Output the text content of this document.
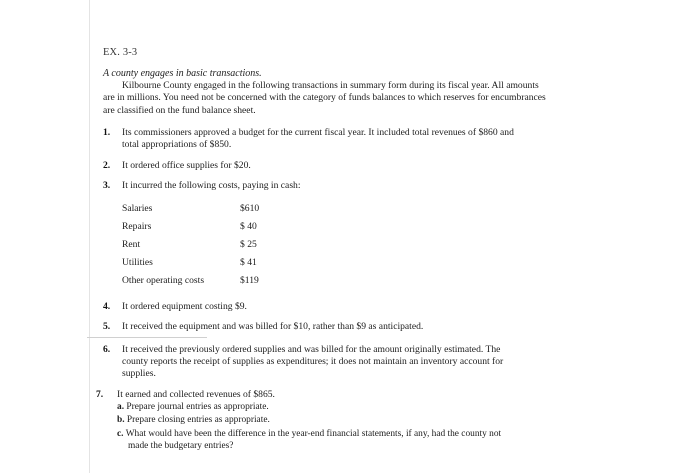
EX. 3-3
A county engages in basic transactions.
Kilbourne County engaged in the following transactions in summary form during its fiscal year. All amounts are in millions. You need not be concerned with the category of funds balances to which reserves for encumbrances are classified on the fund balance sheet.
1. Its commissioners approved a budget for the current fiscal year. It included total revenues of $860 and
total appropriations of $850.
2. It ordered office supplies for $20.
3. It incurred the following costs, paying in cash:
Salaries	$610
Repairs	$ 40
Rent	$ 25
Utilities	$ 41
Other operating costs	$119
4. It ordered equipment costing $9.
5. It received the equipment and was billed for $10, rather than $9 as anticipated.
6. It received the previously ordered supplies and was billed for the amount originally estimated. The
county reports the receipt of supplies as expenditures; it does not maintain an inventory account for
supplies.
7. It earned and collected revenues of $865.
a. Prepare journal entries as appropriate.
b. Prepare closing entries as appropriate.
c. What would have been the difference in the year-end financial statements, if any, had the county not
made the budgetary entries?
